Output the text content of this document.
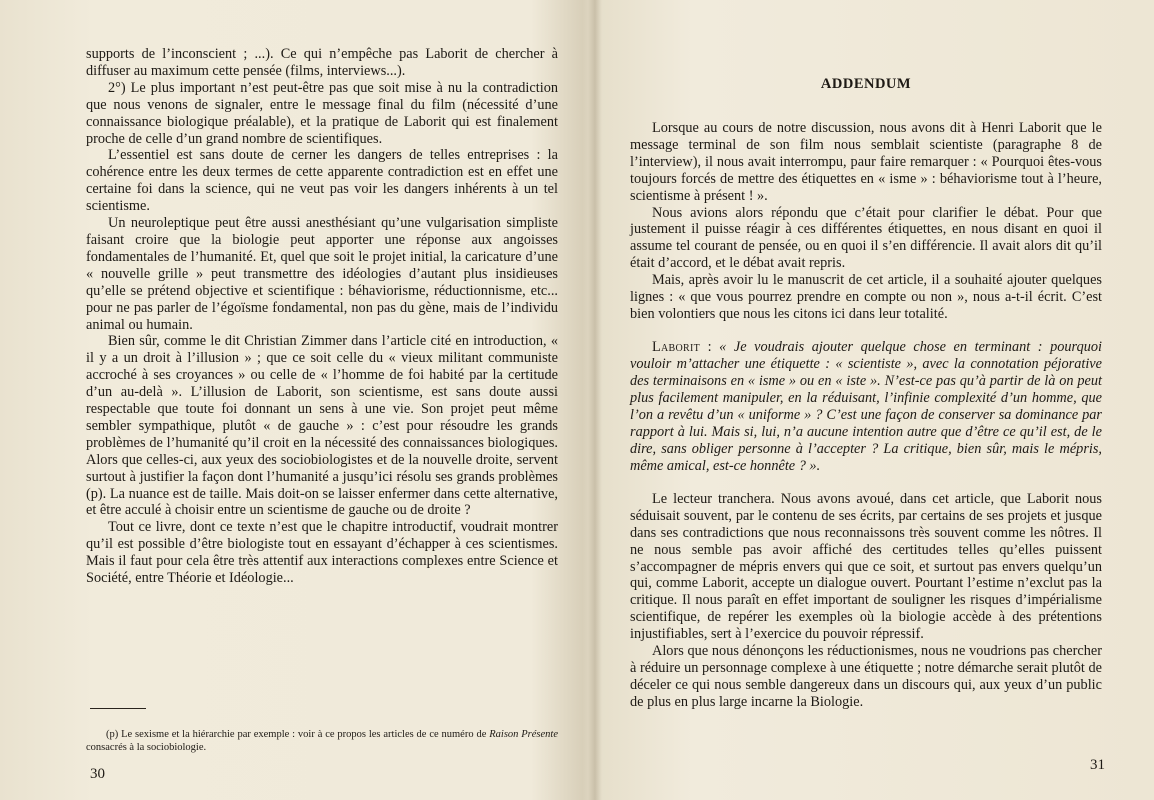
supports de l’inconscient ; ...). Ce qui n’empêche pas Laborit de chercher à diffuser au maximum cette pensée (films, interviews...).

2°) Le plus important n’est peut-être pas que soit mise à nu la contradiction que nous venons de signaler, entre le message final du film (nécessité d’une connaissance biologique préalable), et la pratique de Laborit qui est finalement proche de celle d’un grand nombre de scientifiques.

L’essentiel est sans doute de cerner les dangers de telles entreprises : la cohérence entre les deux termes de cette apparente contradiction est en effet une certaine foi dans la science, qui ne veut pas voir les dangers inhérents à un tel scientisme.

Un neuroleptique peut être aussi anesthésiant qu’une vulgarisation simpliste faisant croire que la biologie peut apporter une réponse aux angoisses fondamentales de l’humanité. Et, quel que soit le projet initial, la caricature d’une « nouvelle grille » peut transmettre des idéologies d’autant plus insidieuses qu’elle se prétend objective et scientifique : béhaviorisme, réductionnisme, etc... pour ne pas parler de l’égoïsme fondamental, non pas du gène, mais de l’individu animal ou humain.

Bien sûr, comme le dit Christian Zimmer dans l’article cité en introduction, « il y a un droit à l’illusion » ; que ce soit celle du « vieux militant communiste accroché à ses croyances » ou celle de « l’homme de foi habité par la certitude d’un au-delà ». L’illusion de Laborit, son scientisme, est sans doute aussi respectable que toute foi donnant un sens à une vie. Son projet peut même sembler sympathique, plutôt « de gauche » : c’est pour résoudre les grands problèmes de l’humanité qu’il croit en la nécessité des connaissances biologiques. Alors que celles-ci, aux yeux des sociobiologistes et de la nouvelle droite, servent surtout à justifier la façon dont l’humanité a jusqu’ici résolu ses grands problèmes (p). La nuance est de taille. Mais doit-on se laisser enfermer dans cette alternative, et être acculé à choisir entre un scientisme de gauche ou de droite ?

Tout ce livre, dont ce texte n’est que le chapitre introductif, voudrait montrer qu’il est possible d’être biologiste tout en essayant d’échapper à ces scientismes. Mais il faut pour cela être très attentif aux interactions complexes entre Science et Société, entre Théorie et Idéologie...

(p) Le sexisme et la hiérarchie par exemple : voir à ce propos les articles de ce numéro de Raison Présente consacrés à la sociobiologie.

30
ADDENDUM

Lorsque au cours de notre discussion, nous avons dit à Henri Laborit que le message terminal de son film nous semblait scientiste (paragraphe 8 de l’interview), il nous avait interrompu, paur faire remarquer : « Pourquoi êtes-vous toujours forcés de mettre des étiquettes en « isme » : béhaviorisme tout à l’heure, scientisme à présent ! ».

Nous avions alors répondu que c’était pour clarifier le débat. Pour que justement il puisse réagir à ces différentes étiquettes, en nous disant en quoi il assume tel courant de pensée, ou en quoi il s’en différencie. Il avait alors dit qu’il était d’accord, et le débat avait repris.

Mais, après avoir lu le manuscrit de cet article, il a souhaité ajouter quelques lignes : « que vous pourrez prendre en compte ou non », nous a-t-il écrit. C’est bien volontiers que nous les citons ici dans leur totalité.

Laborit : « Je voudrais ajouter quelque chose en terminant : pourquoi vouloir m’attacher une étiquette : « scientiste », avec la connotation péjorative des terminaisons en « isme » ou en « iste ». N’est-ce pas qu’à partir de là on peut plus facilement manipuler, en la réduisant, l’infinie complexité d’un homme, que l’on a revêtu d’un « uniforme » ? C’est une façon de conserver sa dominance par rapport à lui. Mais si, lui, n’a aucune intention autre que d’être ce qu’il est, de le dire, sans obliger personne à l’accepter ? La critique, bien sûr, mais le mépris, même amical, est-ce honnête ? ».

Le lecteur tranchera. Nous avons avoué, dans cet article, que Laborit nous séduisait souvent, par le contenu de ses écrits, par certains de ses projets et jusque dans ses contradictions que nous reconnaissons très souvent comme les nôtres. Il ne nous semble pas avoir affiché des certitudes telles qu’elles puissent s’accompagner de mépris envers qui que ce soit, et surtout pas envers quelqu’un qui, comme Laborit, accepte un dialogue ouvert. Pourtant l’estime n’exclut pas la critique. Il nous paraît en effet important de souligner les risques d’impérialisme scientifique, de repérer les exemples où la biologie accède à des prétentions injustifiables, sert à l’exercice du pouvoir répressif.

Alors que nous dénonçons les réductionismes, nous ne voudrions pas chercher à réduire un personnage complexe à une étiquette ; notre démarche serait plutôt de déceler ce qui nous semble dangereux dans un discours qui, aux yeux d’un public de plus en plus large incarne la Biologie.

31
